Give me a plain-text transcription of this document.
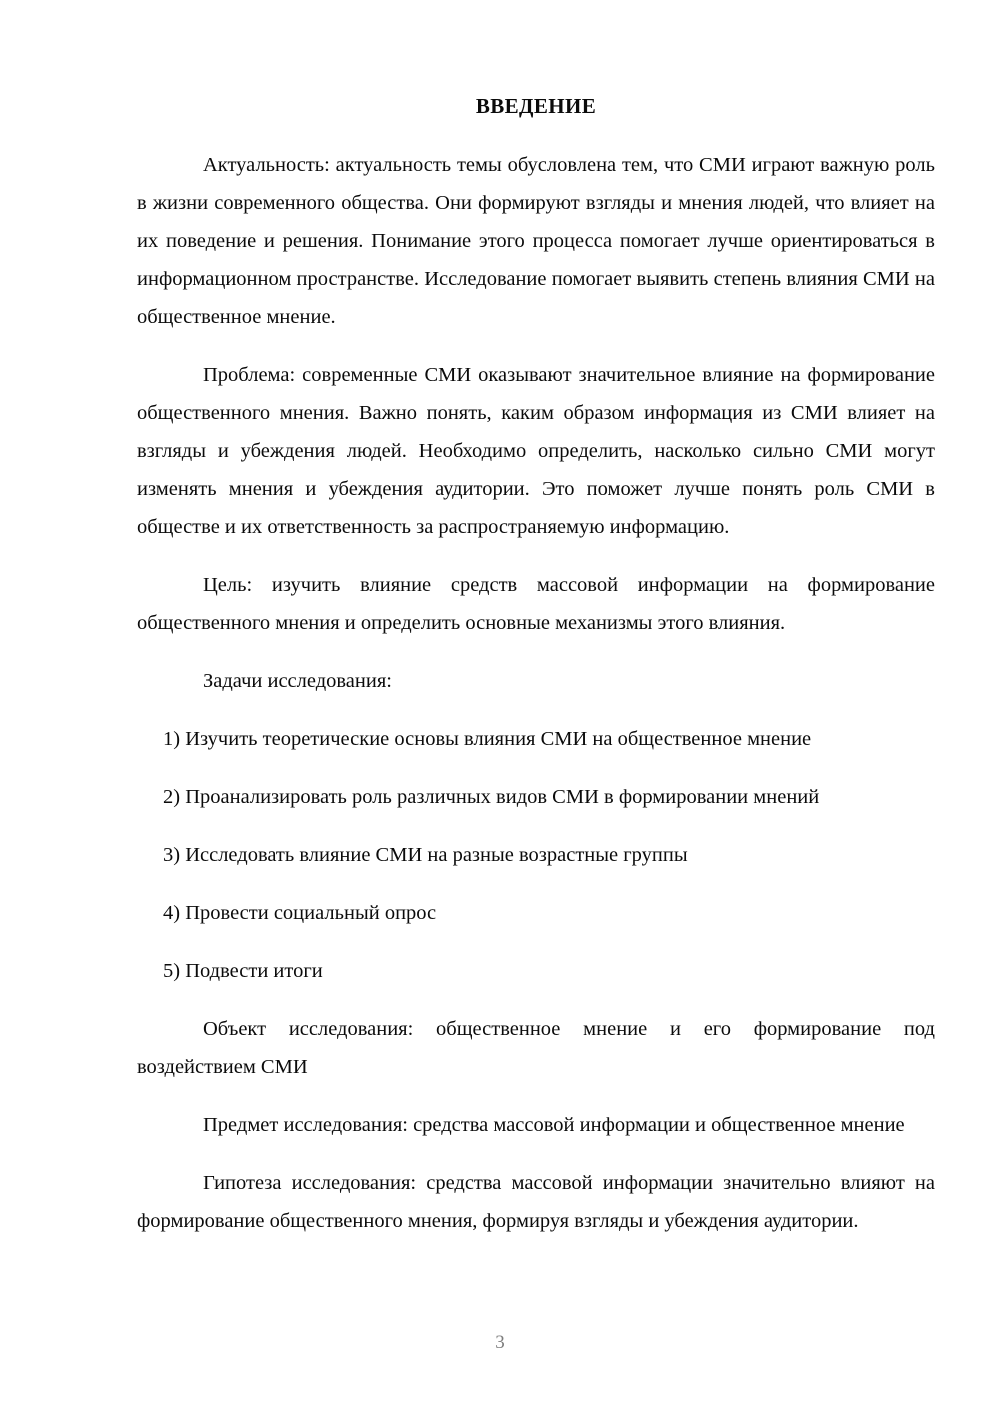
ВВЕДЕНИЕ

Актуальность: актуальность темы обусловлена тем, что СМИ играют важную роль в жизни современного общества. Они формируют взгляды и мнения людей, что влияет на их поведение и решения. Понимание этого процесса помогает лучше ориентироваться в информационном пространстве. Исследование помогает выявить степень влияния СМИ на общественное мнение.

Проблема: современные СМИ оказывают значительное влияние на формирование общественного мнения. Важно понять, каким образом информация из СМИ влияет на взгляды и убеждения людей. Необходимо определить, насколько сильно СМИ могут изменять мнения и убеждения аудитории. Это поможет лучше понять роль СМИ в обществе и их ответственность за распространяемую информацию.

Цель: изучить влияние средств массовой информации на формирование общественного мнения и определить основные механизмы этого влияния.

Задачи исследования:

1) Изучить теоретические основы влияния СМИ на общественное мнение

2) Проанализировать роль различных видов СМИ в формировании мнений

3) Исследовать влияние СМИ на разные возрастные группы

4) Провести социальный опрос

5) Подвести итоги

Объект исследования: общественное мнение и его формирование под воздействием СМИ

Предмет исследования: средства массовой информации и общественное мнение

Гипотеза исследования: средства массовой информации значительно влияют на формирование общественного мнения, формируя взгляды и убеждения аудитории.

3
